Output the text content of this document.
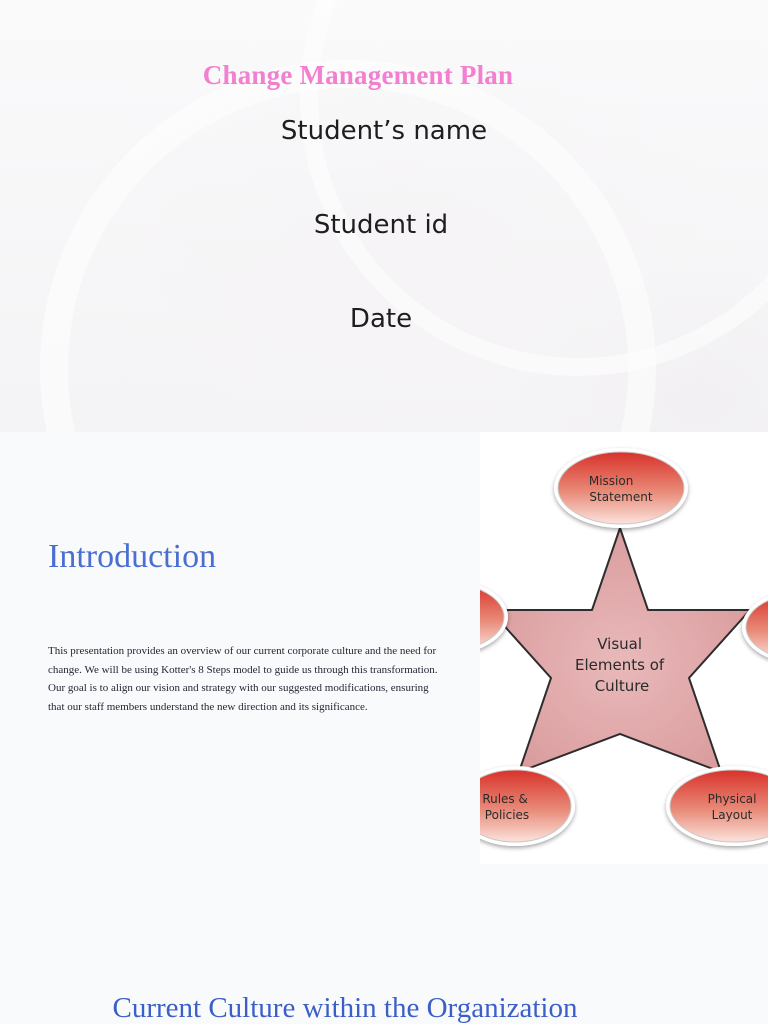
Change Management Plan
Student’s name
Student id
Date
Introduction

This presentation provides an overview of our current corporate culture and the need for change. We will be using Kotter's 8 Steps model to guide us through this transformation. Our goal is to align our vision and strategy with our suggested modifications, ensuring that our staff members understand the new direction and its significance.

Visual Elements of Culture
Mission Statement
Rules & Policies
Physical Layout
Current Culture within the Organization
